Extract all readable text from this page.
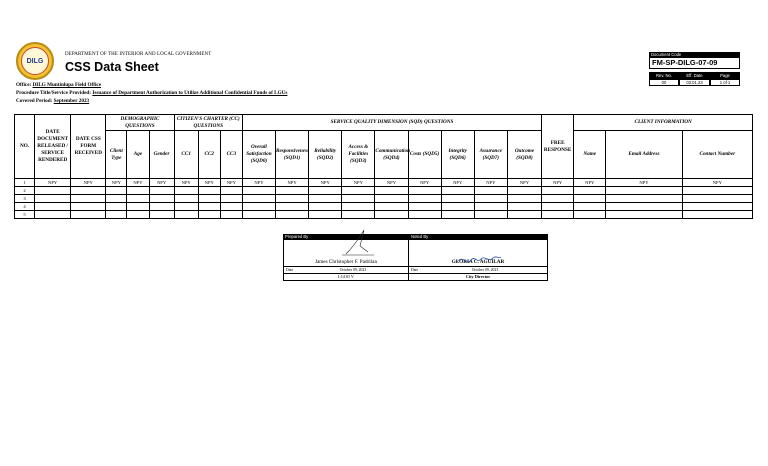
DILG
DEPARTMENT OF THE INTERIOR AND LOCAL GOVERNMENT
CSS Data Sheet
Office: DILG Muntinlupa Field Office
Procedure Title/Service Provided: Issuance of Department Authorization to Utilize Additional Confidential Funds of LGUs
Covered Period: September 2023
Document Code
FM-SP-DILG-07-09
Rev. No.	Eff. Date	Page
00	03.01.23	1 of 1
NO.	DATE DOCUMENT RELEASED / SERVICE RENDERED	DATE CSS FORM RECEIVED	DEMOGRAPHIC QUESTIONS			CITIZEN'S CHARTER (CC) QUESTIONS			SERVICE QUALITY DIMENSION (SQD) QUESTIONS									FREE RESPONSE	CLIENT INFORMATION		
			Client Type	Age	Gender	CC1	CC2	CC3	Overall Satisfaction (SQD0)	Responsiveness (SQD1)	Reliability (SQD2)	Access & Facilities (SQD3)	Communication (SQD4)	Costs (SQD5)	Integrity (SQD6)	Assurance (SQD7)	Outcome (SQD8)		Name	Email Address	Contact Number
1	NPY	NPY	NPY	NPY	NPY	NPY	NPY	NPY	NPY	NPY	NPY	NPY	NPY	NPY	NPY	NPY	NPY	NPY	NPY	NPY	NPY
2																					
3																					
4																					
5																					
Prepared By	Noted By
James Christopher F. Padrilan	GLORIA C. AGUILAR
Date	October 09, 2023	Date	October 09, 2023
LGOO V	City Director
